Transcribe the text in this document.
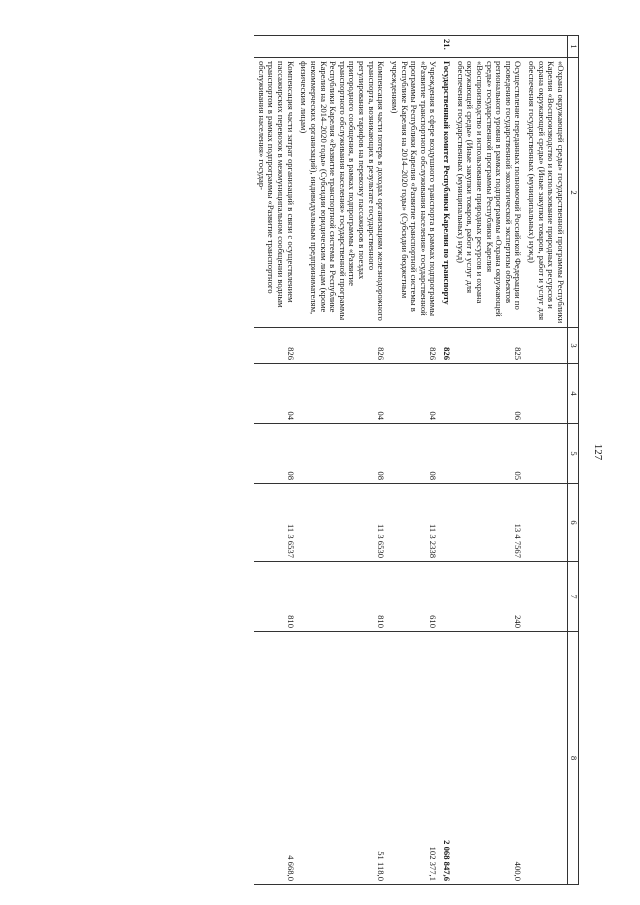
127
1	2	3	4	5	6	7	8
	«Охрана окружающей среды» государственной программы Республики Карелия «Воспроизводство и использование природных ресурсов и охрана окружающей среды» (Иные закупки товаров, работ и услуг для обеспечения государственных (муниципальных) нужд)						
	Осуществление переданных полномочий Российской Федерации по проведению государственной экологической экспертизы объектов регионального уровня в рамках подпрограммы «Охрана окружающей среды» государственной программы Республики Карелия «Воспроизводство и использование природных ресурсов и охрана окружающей среды» (Иные закупки товаров, работ и услуг для обеспечения государственных (муниципальных) нужд)	825	06	05	13 4 7567	240	400,0
21.	Государственный комитет Республики Карелия по транспорту	826					2 068 847,6
	Учреждения в сфере воздушного транспорта в рамках подпрограммы «Развитие транспортного обслуживания населения» государственной программы Республики Карелия «Развитие транспортной системы в Республике Карелия на 2014–2020 годы» (Субсидии бюджетным учреждениям)	826	04	08	11 3 2338	610	102 377,1
	Компенсация части потерь в доходах организациям железнодорожного транспорта, возникающих в результате государственного регулирования тарифов на перевозку пассажиров в поездах пригородного сообщения, в рамках подпрограммы «Развитие транспортного обслуживания населения» государственной программы Республики Карелия «Развитие транспортной системы в Республике Карелия на 2014–2020 годы» (Субсидии юридическим лицам (кроме некоммерческих организаций), индивидуальным предпринимателям, физическим лицам)	826	04	08	11 3 6530	810	51 118,0
	Компенсация части затрат организаций в связи с осуществлением пассажирских перевозок в межмуниципальном сообщении водным транспортом в рамках подпрограммы «Развитие транспортного обслуживания населения» государ-	826	04	08	11 3 6537	810	4 668,0
